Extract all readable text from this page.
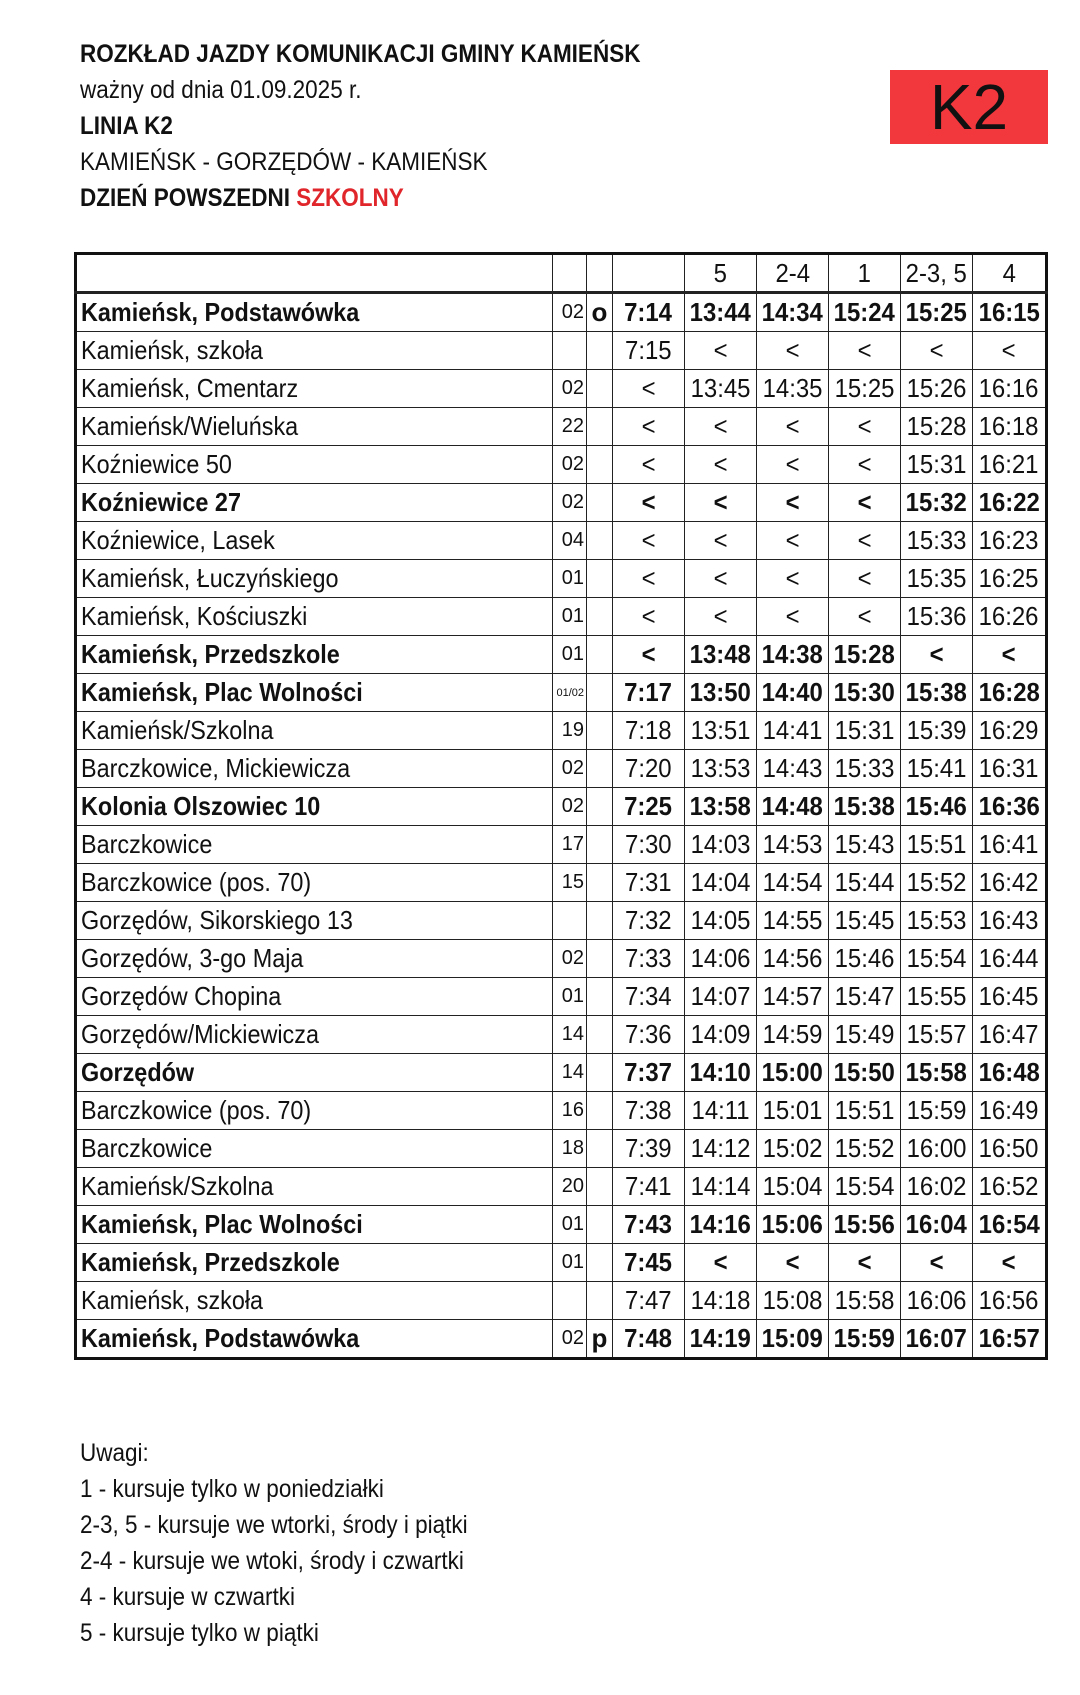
ROZKŁAD JAZDY KOMUNIKACJI GMINY KAMIEŃSK
ważny od dnia 01.09.2025 r.
LINIA K2
KAMIEŃSK - GORZĘDÓW - KAMIEŃSK
DZIEŃ POWSZEDNI SZKOLNY
K2
				5	2-4	1	2-3, 5	4
Kamieńsk, Podstawówka	02	o	7:14	13:44	14:34	15:24	15:25	16:15
Kamieńsk, szkoła			7:15	<	<	<	<	<
Kamieńsk, Cmentarz	02		<	13:45	14:35	15:25	15:26	16:16
Kamieńsk/Wieluńska	22		<	<	<	<	15:28	16:18
Koźniewice 50	02		<	<	<	<	15:31	16:21
Koźniewice 27	02		<	<	<	<	15:32	16:22
Koźniewice, Lasek	04		<	<	<	<	15:33	16:23
Kamieńsk, Łuczyńskiego	01		<	<	<	<	15:35	16:25
Kamieńsk, Kościuszki	01		<	<	<	<	15:36	16:26
Kamieńsk, Przedszkole	01		<	13:48	14:38	15:28	<	<
Kamieńsk, Plac Wolności	01/02		7:17	13:50	14:40	15:30	15:38	16:28
Kamieńsk/Szkolna	19		7:18	13:51	14:41	15:31	15:39	16:29
Barczkowice, Mickiewicza	02		7:20	13:53	14:43	15:33	15:41	16:31
Kolonia Olszowiec 10	02		7:25	13:58	14:48	15:38	15:46	16:36
Barczkowice	17		7:30	14:03	14:53	15:43	15:51	16:41
Barczkowice (pos. 70)	15		7:31	14:04	14:54	15:44	15:52	16:42
Gorzędów, Sikorskiego 13			7:32	14:05	14:55	15:45	15:53	16:43
Gorzędów, 3-go Maja	02		7:33	14:06	14:56	15:46	15:54	16:44
Gorzędów Chopina	01		7:34	14:07	14:57	15:47	15:55	16:45
Gorzędów/Mickiewicza	14		7:36	14:09	14:59	15:49	15:57	16:47
Gorzędów	14		7:37	14:10	15:00	15:50	15:58	16:48
Barczkowice (pos. 70)	16		7:38	14:11	15:01	15:51	15:59	16:49
Barczkowice	18		7:39	14:12	15:02	15:52	16:00	16:50
Kamieńsk/Szkolna	20		7:41	14:14	15:04	15:54	16:02	16:52
Kamieńsk, Plac Wolności	01		7:43	14:16	15:06	15:56	16:04	16:54
Kamieńsk, Przedszkole	01		7:45	<	<	<	<	<
Kamieńsk, szkoła			7:47	14:18	15:08	15:58	16:06	16:56
Kamieńsk, Podstawówka	02	p	7:48	14:19	15:09	15:59	16:07	16:57
Uwagi:
1 - kursuje tylko w poniedziałki
2-3, 5 - kursuje we wtorki, środy i piątki
2-4 - kursuje we wtoki, środy i czwartki
4 - kursuje w czwartki
5 - kursuje tylko w piątki
